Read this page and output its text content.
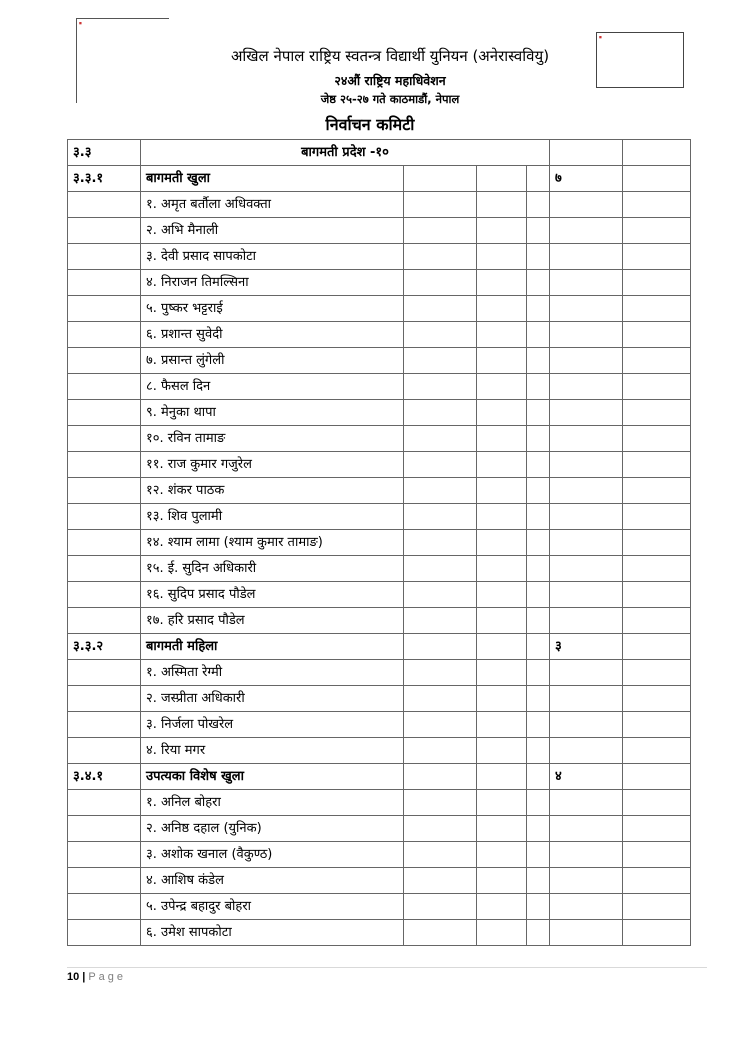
■
■
अखिल नेपाल राष्ट्रिय स्वतन्त्र विद्यार्थी युनियन (अनेरास्ववियु)
२४औं राष्ट्रिय महाधिवेशन
जेष्ठ २५-२७ गते काठमाडौं, नेपाल
निर्वाचन कमिटी
३.३	बागमती प्रदेश -१०					
३.३.१	बागमती खुला				७	
	१. अमृत बर्तौला अधिवक्ता					
	२. अभि मैनाली					
	३. देवी प्रसाद सापकोटा					
	४. निराजन तिमल्सिना					
	५. पुष्कर भट्टराई					
	६. प्रशान्त सुवेदी					
	७. प्रसान्त लुंगेली					
	८. फैसल दिन					
	९. मेनुका थापा					
	१०. रविन तामाङ					
	११. राज कुमार गजुरेल					
	१२. शंकर पाठक					
	१३. शिव पुलामी					
	१४. श्याम लामा (श्याम कुमार तामाङ)					
	१५. ई. सुदिन अधिकारी					
	१६. सुदिप प्रसाद पौडेल					
	१७. हरि प्रसाद पौडेल					
३.३.२	बागमती महिला				३	
	१. अस्मिता रेग्मी					
	२. जस्प्रीता अधिकारी					
	३. निर्जला पोखरेल					
	४. रिया मगर					
३.४.१	उपत्यका विशेष खुला				४	
	१. अनिल बोहरा					
	२. अनिष्ठ दहाल (युनिक)					
	३. अशोक खनाल (वैकुण्ठ)					
	४. आशिष कंडेल					
	५. उपेन्द्र बहादुर बोहरा					
	६. उमेश सापकोटा					
10 | Page
